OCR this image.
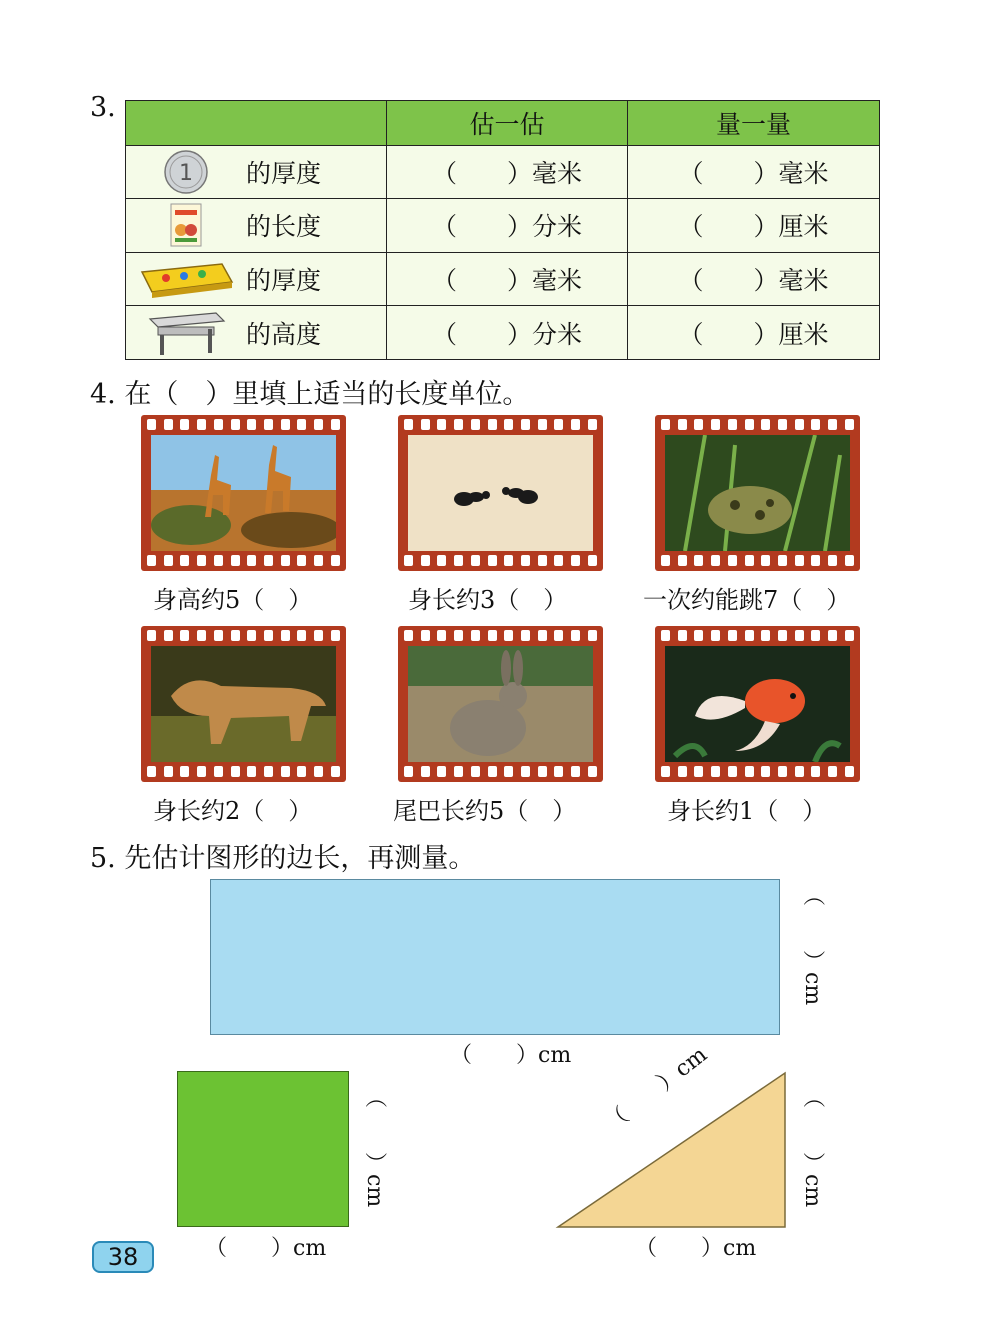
3.
	估一估	量一量

1 的厚度	（　　）毫米	（　　）毫米

的长度	（　　）分米	（　　）厘米

的厚度	（　　）毫米	（　　）毫米

的高度	（　　）分米	（　　）厘米
4. 在（　）里填上适当的长度单位。
身高约5（　）	身长约3（　）	一次约能跳7（　）
身长约2（　）	尾巴长约5（　）	身长约1（　）
5. 先估计图形的边长，再测量。
（　　）cm
（　　）cm
（　　）cm
（　　）cm
（　　）cm
（　　）cm
（　　）cm
38
